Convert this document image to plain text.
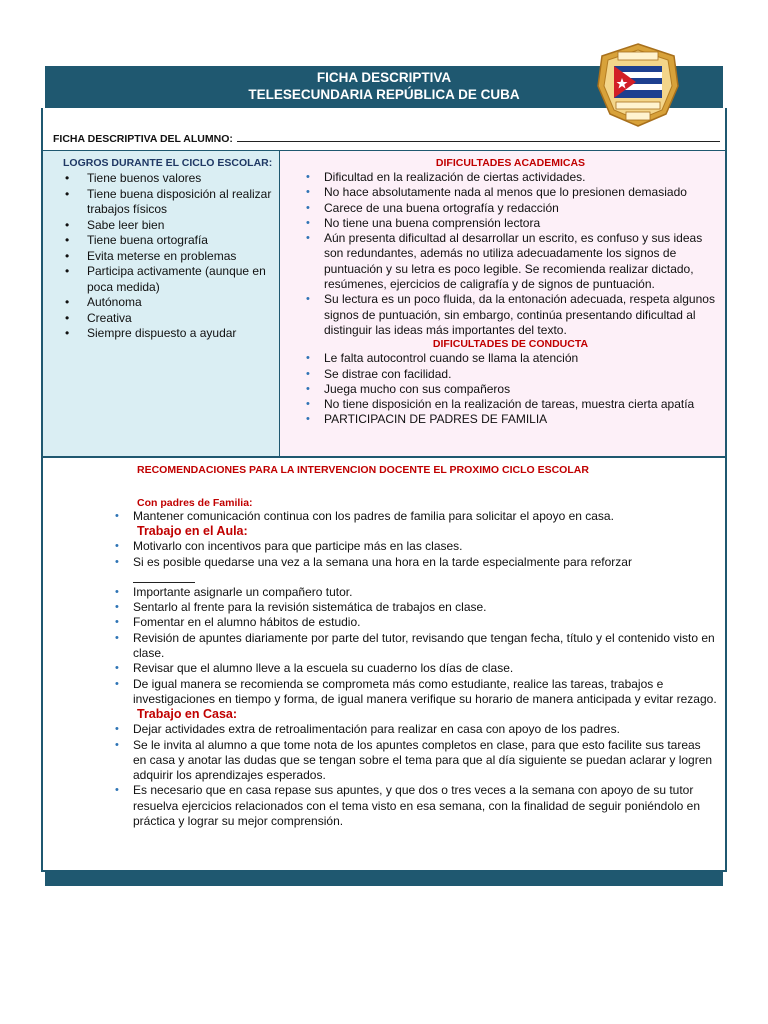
FICHA DESCRIPTIVA
TELESECUNDARIA REPÚBLICA DE CUBA
FICHA DESCRIPTIVA DEL ALUMNO:
LOGROS DURANTE EL CICLO ESCOLAR:
• Tiene buenos valores
• Tiene buena disposición al realizar trabajos físicos
• Sabe leer bien
• Tiene buena ortografía
• Evita meterse en problemas
• Participa activamente (aunque en poca medida)
• Autónoma
• Creativa
• Siempre dispuesto a ayudar
DIFICULTADES ACADEMICAS
• Dificultad en la realización de ciertas actividades.
• No hace absolutamente nada al menos que lo presionen demasiado
• Carece de una buena ortografía y redacción
• No tiene una buena comprensión lectora
• Aún presenta dificultad al desarrollar un escrito, es confuso y sus ideas son redundantes, además no utiliza adecuadamente los signos de puntuación y su letra es poco legible. Se recomienda realizar dictado, resúmenes, ejercicios de caligrafía y de signos de puntuación.
• Su lectura es un poco fluida, da la entonación adecuada, respeta algunos signos de puntuación, sin embargo, continúa presentando dificultad al distinguir las ideas más importantes del texto.
DIFICULTADES DE CONDUCTA
• Le falta autocontrol cuando se llama la atención
• Se distrae con facilidad.
• Juega mucho con sus compañeros
• No tiene disposición en la realización de tareas, muestra cierta apatía
• PARTICIPACIN DE PADRES DE FAMILIA
RECOMENDACIONES PARA LA INTERVENCION DOCENTE EL PROXIMO CICLO ESCOLAR
Con padres de Familia:
• Mantener comunicación continua con los padres de familia para solicitar el apoyo en casa.
Trabajo en el Aula:
• Motivarlo con incentivos para que participe más en las clases.
• Si es posible quedarse una vez a la semana una hora en la tarde especialmente para reforzar
• Importante asignarle un compañero tutor.
• Sentarlo al frente para la revisión sistemática de trabajos en clase.
• Fomentar en el alumno hábitos de estudio.
• Revisión de apuntes diariamente por parte del tutor, revisando que tengan fecha, título y el contenido visto en clase.
• Revisar que el alumno lleve a la escuela su cuaderno los días de clase.
• De igual manera se recomienda se comprometa más como estudiante, realice las tareas, trabajos e investigaciones en tiempo y forma, de igual manera verifique su horario de manera anticipada y evitar rezago.
Trabajo en Casa:
• Dejar actividades extra de retroalimentación para realizar en casa con apoyo de los padres.
• Se le invita al alumno a que tome nota de los apuntes completos en clase, para que esto facilite sus tareas en casa y anotar las dudas que se tengan sobre el tema para que al día siguiente se puedan aclarar y logren adquirir los aprendizajes esperados.
• Es necesario que en casa repase sus apuntes, y que dos o tres veces a la semana con apoyo de su tutor resuelva ejercicios relacionados con el tema visto en esa semana, con la finalidad de seguir poniéndolo en práctica y lograr su mejor comprensión.
